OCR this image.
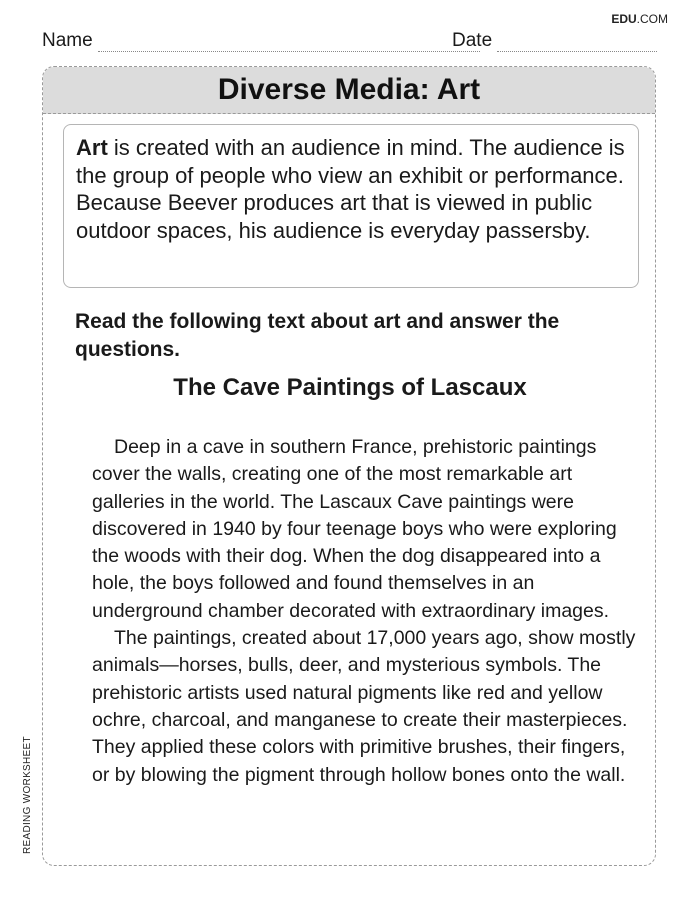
EDU.COM
Name	Date
Diverse Media: Art
Art is created with an audience in mind. The audience is the group of people who view an exhibit or performance. Because Beever produces art that is viewed in public outdoor spaces, his audience is everyday passersby.
Read the following text about art and answer the questions.
The Cave Paintings of Lascaux

Deep in a cave in southern France, prehistoric paintings cover the walls, creating one of the most remarkable art galleries in the world. The Lascaux Cave paintings were discovered in 1940 by four teenage boys who were exploring the woods with their dog. When the dog disappeared into a hole, the boys followed and found themselves in an underground chamber decorated with extraordinary images.

The paintings, created about 17,000 years ago, show mostly animals—horses, bulls, deer, and mysterious symbols. The prehistoric artists used natural pigments like red and yellow ochre, charcoal, and manganese to create their masterpieces. They applied these colors with primitive brushes, their fingers, or by blowing the pigment through hollow bones onto the wall.

READING WORKSHEET
